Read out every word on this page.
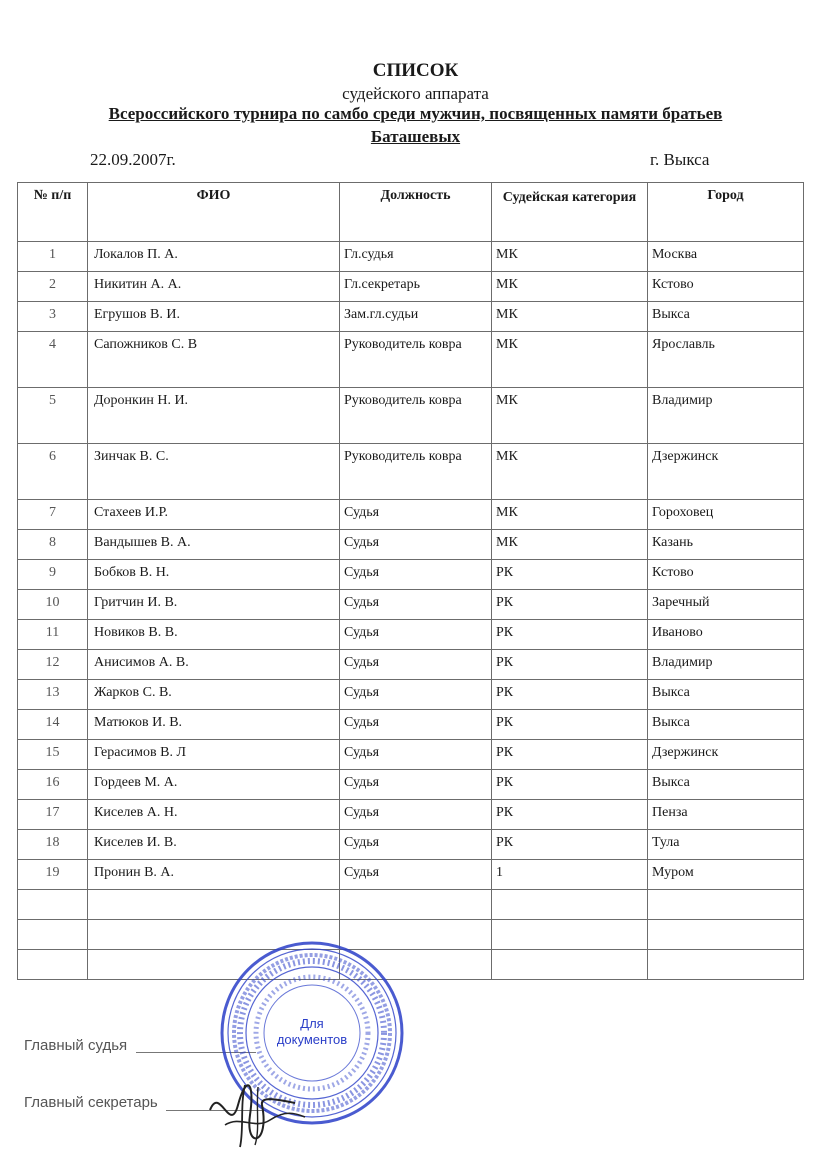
СПИСОК
судейского аппарата
Всероссийского турнира по самбо среди мужчин, посвященных памяти братьев
Баташевых
22.09.2007г.	г. Выкса
№ п/п	ФИО	Должность	Судейская категория	Город
1	Локалов П. А.	Гл.судья	МК	Москва
2	Никитин А. А.	Гл.секретарь	МК	Кстово
3	Егрушов В. И.	Зам.гл.судьи	МК	Выкса
4	Сапожников С. В	Руководитель ковра	МК	Ярославль
5	Доронкин Н. И.	Руководитель ковра	МК	Владимир
6	Зинчак В. С.	Руководитель ковра	МК	Дзержинск
7	Стахеев И.Р.	Судья	МК	Гороховец
8	Вандышев В. А.	Судья	МК	Казань
9	Бобков В. Н.	Судья	РК	Кстово
10	Гритчин И. В.	Судья	РК	Заречный
11	Новиков В. В.	Судья	РК	Иваново
12	Анисимов А. В.	Судья	РК	Владимир
13	Жарков С. В.	Судья	РК	Выкса
14	Матюков И. В.	Судья	РК	Выкса
15	Герасимов В. Л	Судья	РК	Дзержинск
16	Гордеев М. А.	Судья	РК	Выкса
17	Киселев А. Н.	Судья	РК	Пенза
18	Киселев И. В.	Судья	РК	Тула
19	Пронин В. А.	Судья	1	Муром

Главный судья
Главный секретарь
Для
документов
